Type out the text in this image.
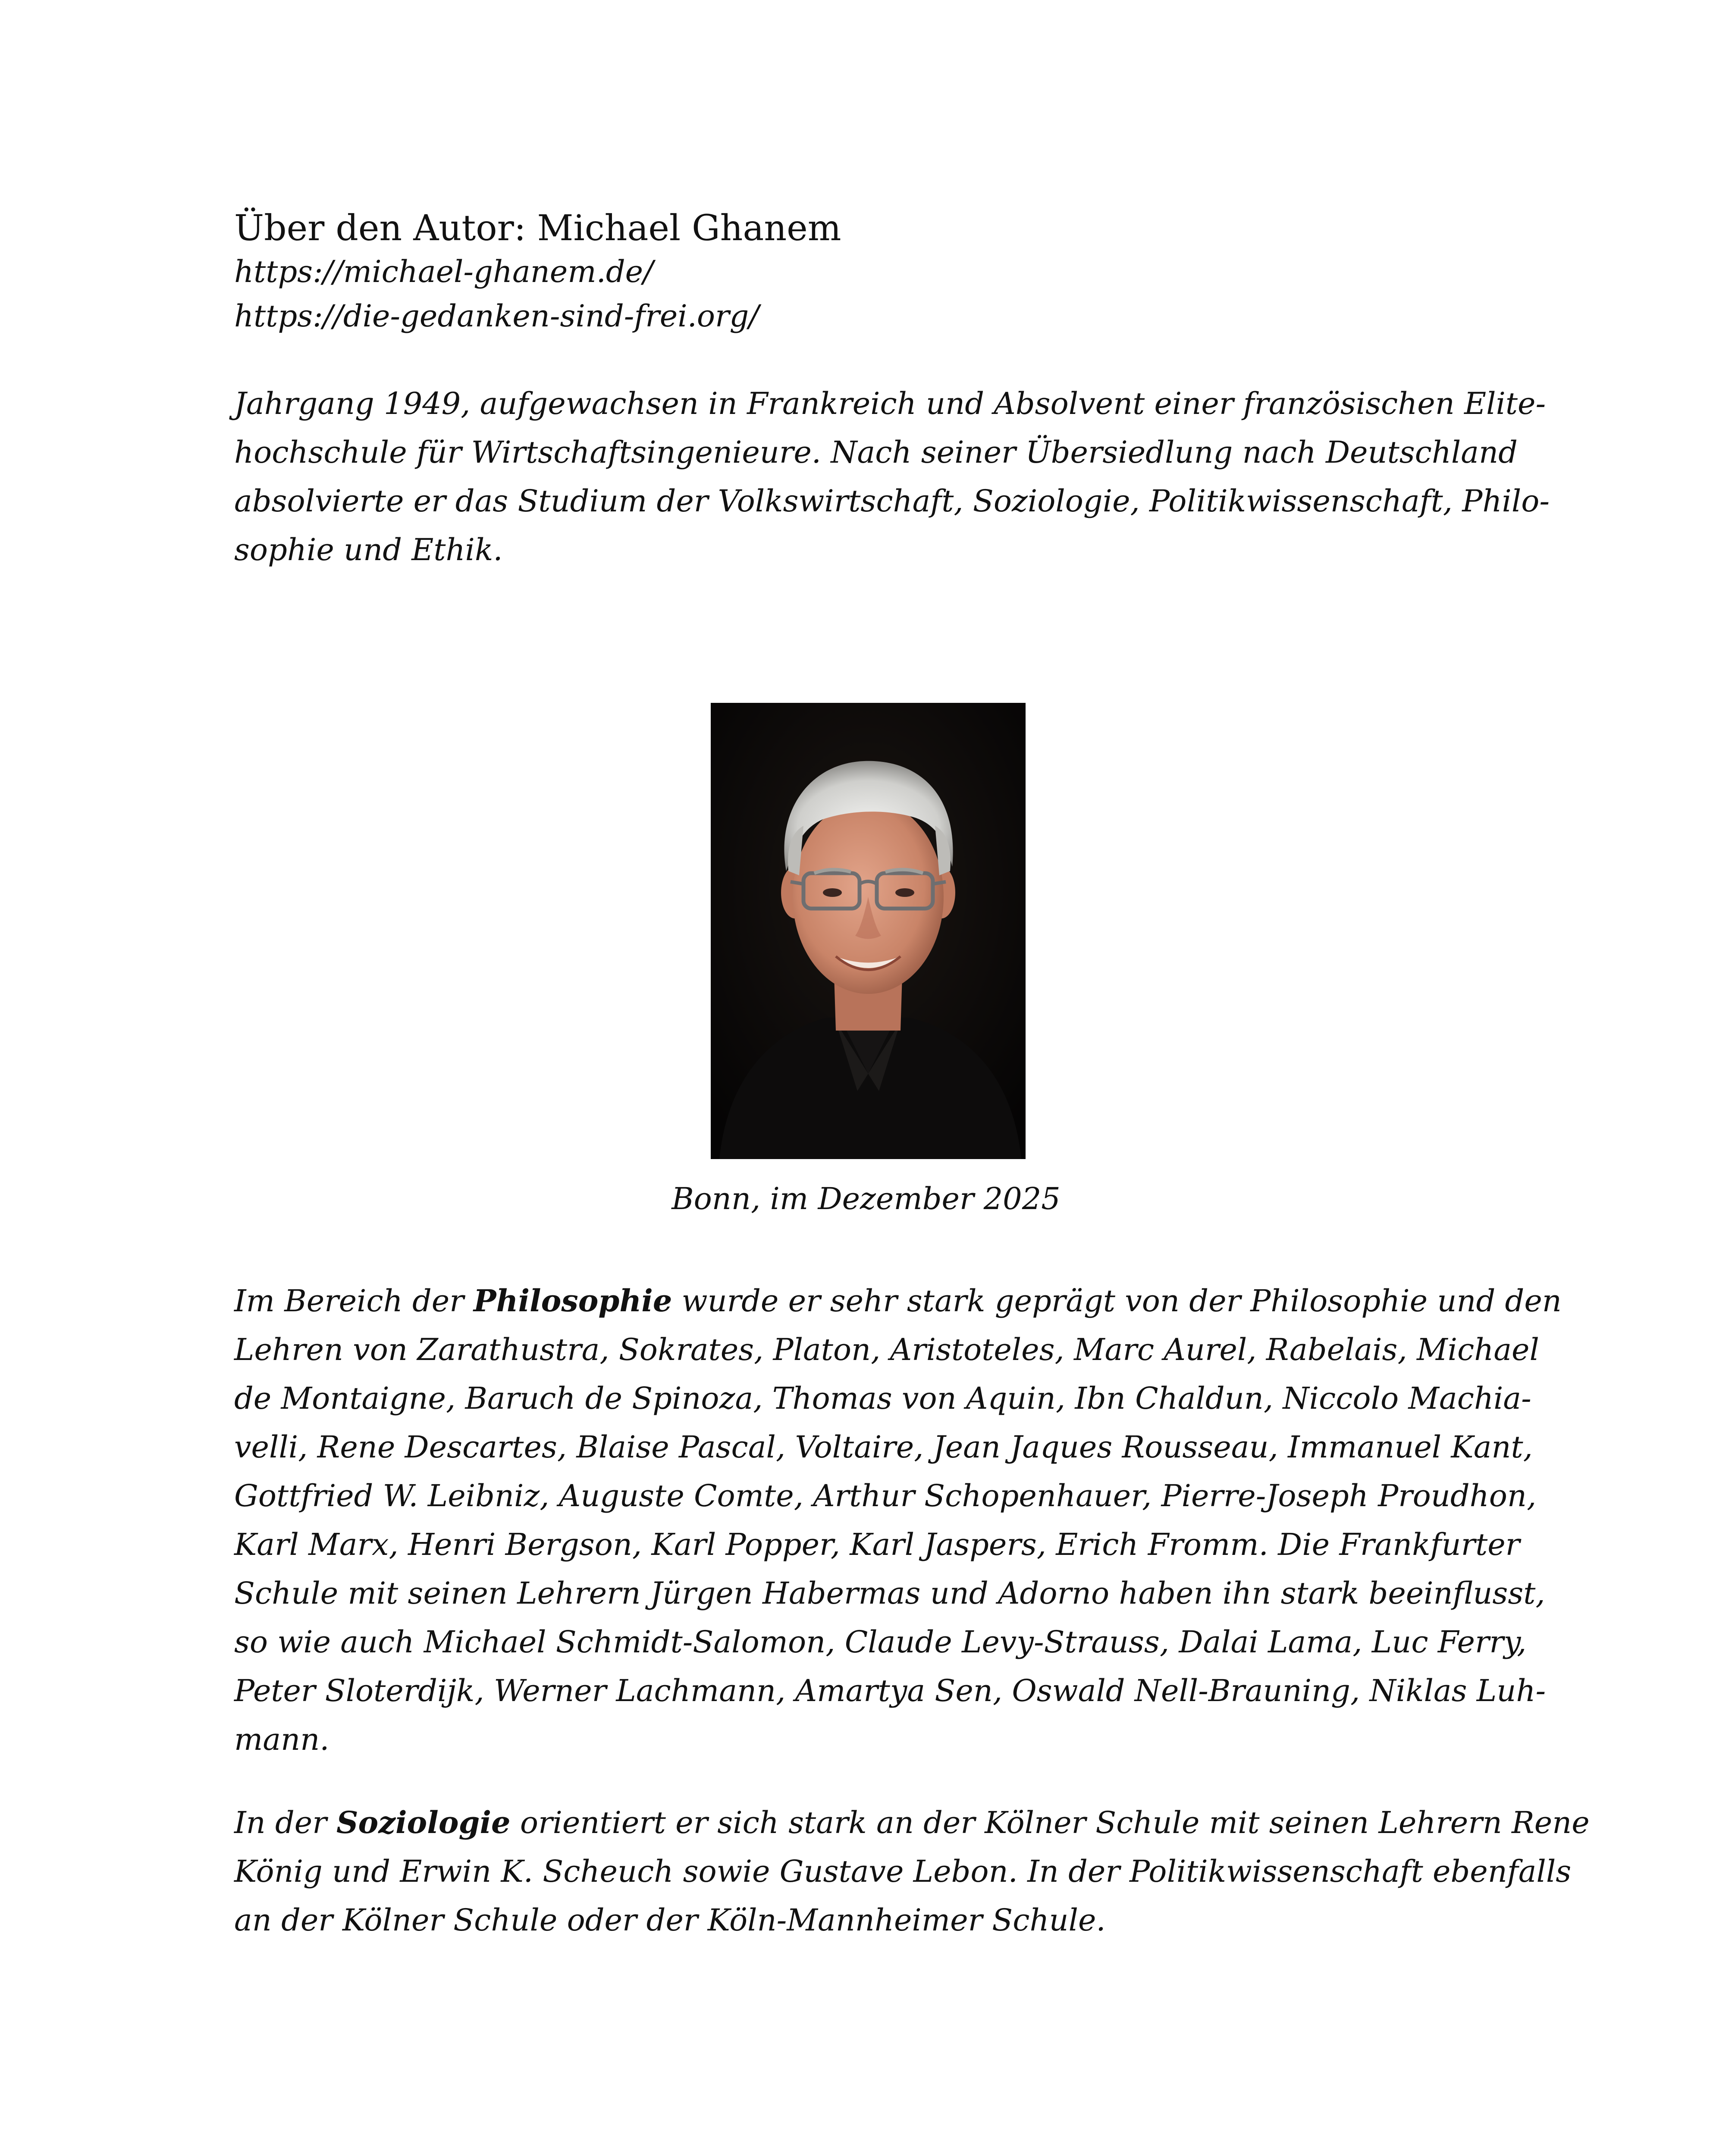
Über den Autor: Michael Ghanem
https://michael-ghanem.de/
https://die-gedanken-sind-frei.org/
Jahrgang 1949, aufgewachsen in Frankreich und Absolvent einer französischen Elite-
hochschule für Wirtschaftsingenieure. Nach seiner Übersiedlung nach Deutschland
absolvierte er das Studium der Volkswirtschaft, Soziologie, Politikwissenschaft, Philo-
sophie und Ethik.
Bonn, im Dezember 2025
Im Bereich der Philosophie wurde er sehr stark geprägt von der Philosophie und den
Lehren von Zarathustra, Sokrates, Platon, Aristoteles, Marc Aurel, Rabelais, Michael
de Montaigne, Baruch de Spinoza, Thomas von Aquin, Ibn Chaldun, Niccolo Machia-
velli, Rene Descartes, Blaise Pascal, Voltaire, Jean Jaques Rousseau, Immanuel Kant,
Gottfried W. Leibniz, Auguste Comte, Arthur Schopenhauer, Pierre-Joseph Proudhon,
Karl Marx, Henri Bergson, Karl Popper, Karl Jaspers, Erich Fromm. Die Frankfurter
Schule mit seinen Lehrern Jürgen Habermas und Adorno haben ihn stark beeinflusst,
so wie auch Michael Schmidt-Salomon, Claude Levy-Strauss, Dalai Lama, Luc Ferry,
Peter Sloterdijk, Werner Lachmann, Amartya Sen, Oswald Nell-Brauning, Niklas Luh-
mann.
In der Soziologie orientiert er sich stark an der Kölner Schule mit seinen Lehrern Rene
König und Erwin K. Scheuch sowie Gustave Lebon. In der Politikwissenschaft ebenfalls
an der Kölner Schule oder der Köln-Mannheimer Schule.
